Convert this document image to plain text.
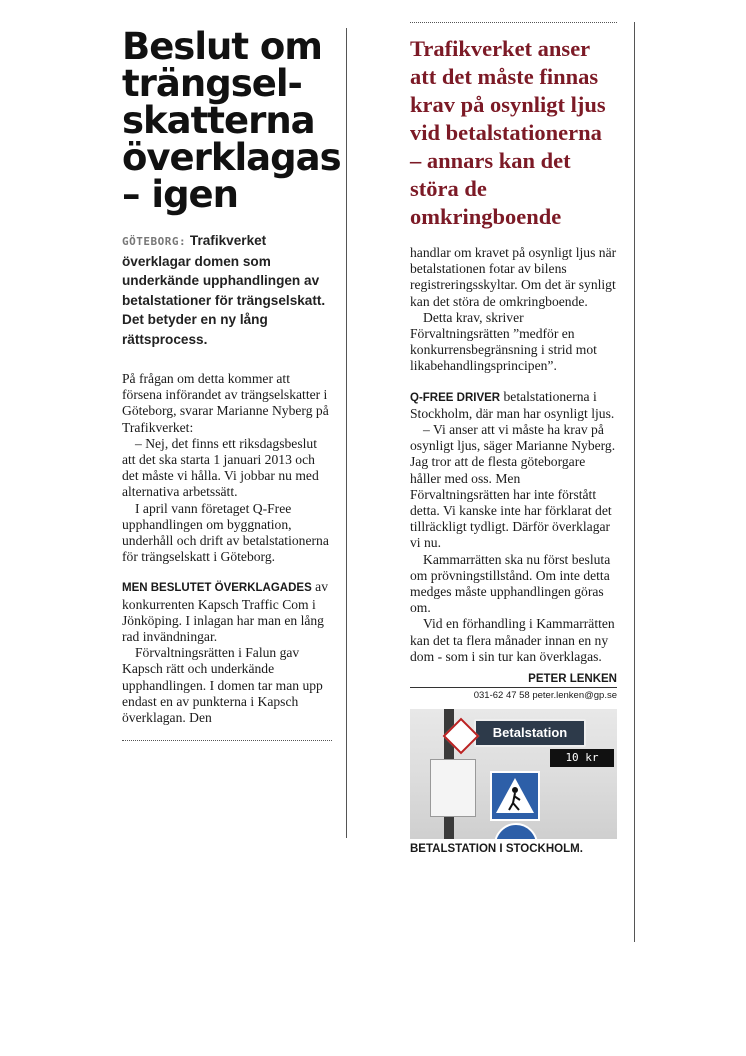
Beslut om trängsel-skatterna överklagas – igen
GÖTEBORG: Trafikverket överklagar domen som underkände upphandlingen av betalstationer för trängselskatt. Det betyder en ny lång rättsprocess.

På frågan om detta kommer att försena införandet av trängselskatter i Göteborg, svarar Marianne Nyberg på Trafikverket:

– Nej, det finns ett riksdagsbeslut att det ska starta 1 januari 2013 och det måste vi hålla. Vi jobbar nu med alternativa arbetssätt.

I april vann företaget Q-Free upphandlingen om byggnation, underhåll och drift av betalstationerna för trängselskatt i Göteborg.

MEN BESLUTET ÖVERKLAGADES av konkurrenten Kapsch Traffic Com i Jönköping. I inlagan har man en lång rad invändningar.

Förvaltningsrätten i Falun gav Kapsch rätt och underkände upphandlingen. I domen tar man upp endast en av punkterna i Kapsch överklagan. Den

Trafikverket anser att det måste finnas krav på osynligt ljus vid betalstationerna – annars kan det störa de omkringboende

handlar om kravet på osynligt ljus när betalstationen fotar av bilens registreringsskyltar. Om det är synligt kan det störa de omkringboende.

Detta krav, skriver Förvaltningsrätten ”medför en konkurrensbegränsning i strid mot likabehandlingsprincipen”.

Q-FREE DRIVER betalstationerna i Stockholm, där man har osynligt ljus.

– Vi anser att vi måste ha krav på osynligt ljus, säger Marianne Nyberg. Jag tror att de flesta göteborgare håller med oss. Men Förvaltningsrätten har inte förstått detta. Vi kanske inte har förklarat det tillräckligt tydligt. Därför överklagar vi nu.

Kammarrätten ska nu först besluta om prövningstillstånd. Om inte detta medges måste upphandlingen göras om.

Vid en förhandling i Kammarrätten kan det ta flera månader innan en ny dom - som i sin tur kan överklagas.

PETER LENKEN
031-62 47 58 peter.lenken@gp.se
Betalstation
10 kr
BETALSTATION I STOCKHOLM.
